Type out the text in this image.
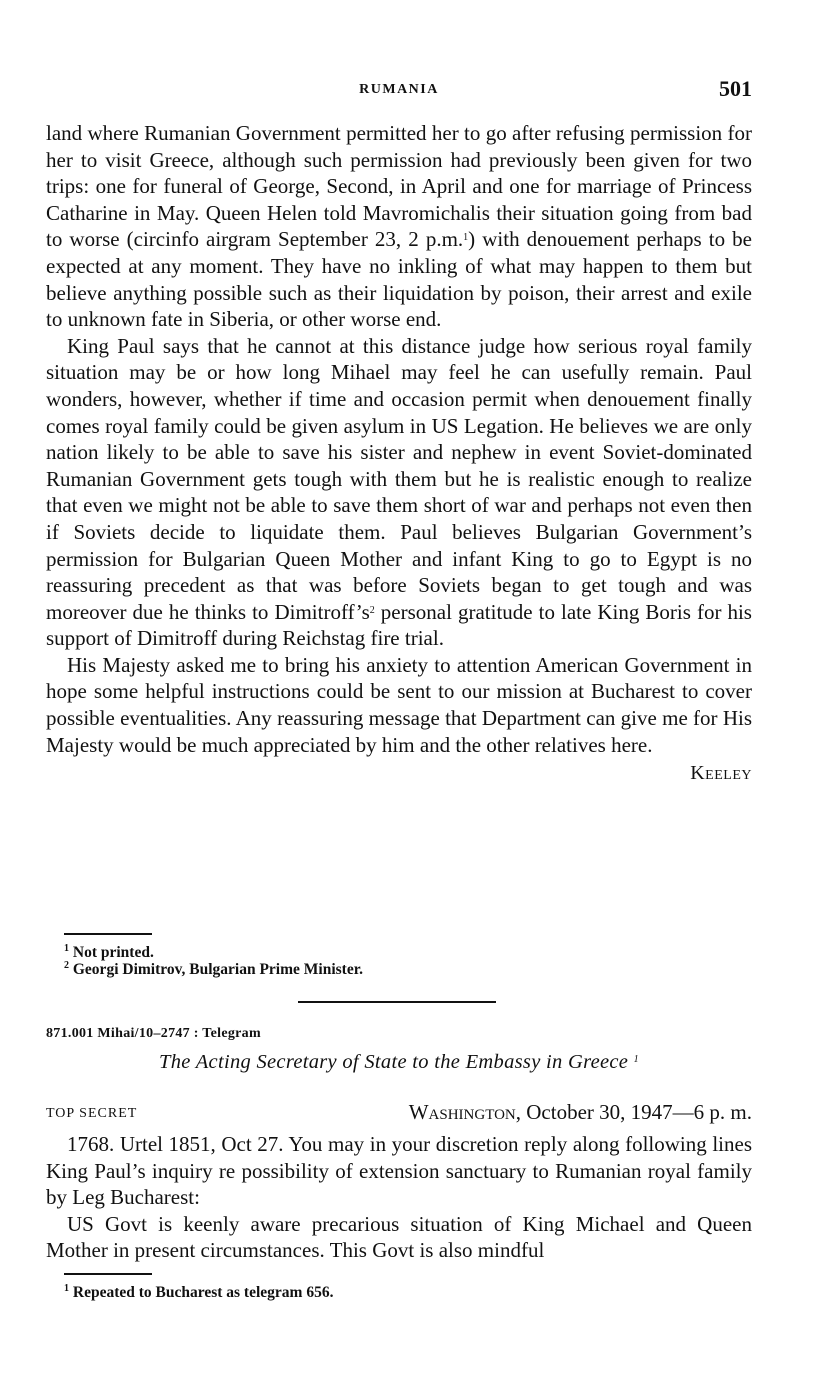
RUMANIA	501

land where Rumanian Government permitted her to go after refusing permission for her to visit Greece, although such permission had previously been given for two trips: one for funeral of George, Second, in April and one for marriage of Princess Catharine in May. Queen Helen told Mavromichalis their situation going from bad to worse (circinfo airgram September 23, 2 p.m.$^1$) with denouement perhaps to be expected at any moment. They have no inkling of what may happen to them but believe anything possible such as their liquidation by poison, their arrest and exile to unknown fate in Siberia, or other worse end.

King Paul says that he cannot at this distance judge how serious royal family situation may be or how long Mihael may feel he can usefully remain. Paul wonders, however, whether if time and occasion permit when denouement finally comes royal family could be given asylum in US Legation. He believes we are only nation likely to be able to save his sister and nephew in event Soviet-dominated Rumanian Government gets tough with them but he is realistic enough to realize that even we might not be able to save them short of war and perhaps not even then if Soviets decide to liquidate them. Paul believes Bulgarian Government’s permission for Bulgarian Queen Mother and infant King to go to Egypt is no reassuring precedent as that was before Soviets began to get tough and was moreover due he thinks to $Dimitroff’s^2$ personal gratitude to late King Boris for his support of Dimitroff during Reichstag fire trial.

His Majesty asked me to bring his anxiety to attention American Government in hope some helpful instructions could be sent to our mission at Bucharest to cover possible eventualities. Any reassuring message that Department can give me for His Majesty would be much appreciated by him and the other relatives here.

Keeley
$^1$ Not printed.
$^2$ Georgi Dimitrov, Bulgarian Prime Minister.
871.001 Mihai/10–2747 : Telegram
The Acting Secretary of State to the Embassy in Greece $^1$
TOP SECRET	Washington, October 30, 1947—6 p. m.

1768. Urtel 1851, Oct 27. You may in your discretion reply along following lines King Paul’s inquiry re possibility of extension sanctuary to Rumanian royal family by Leg Bucharest:

US Govt is keenly aware precarious situation of King Michael and Queen Mother in present circumstances. This Govt is also mindful

$^1$ Repeated to Bucharest as telegram 656.
